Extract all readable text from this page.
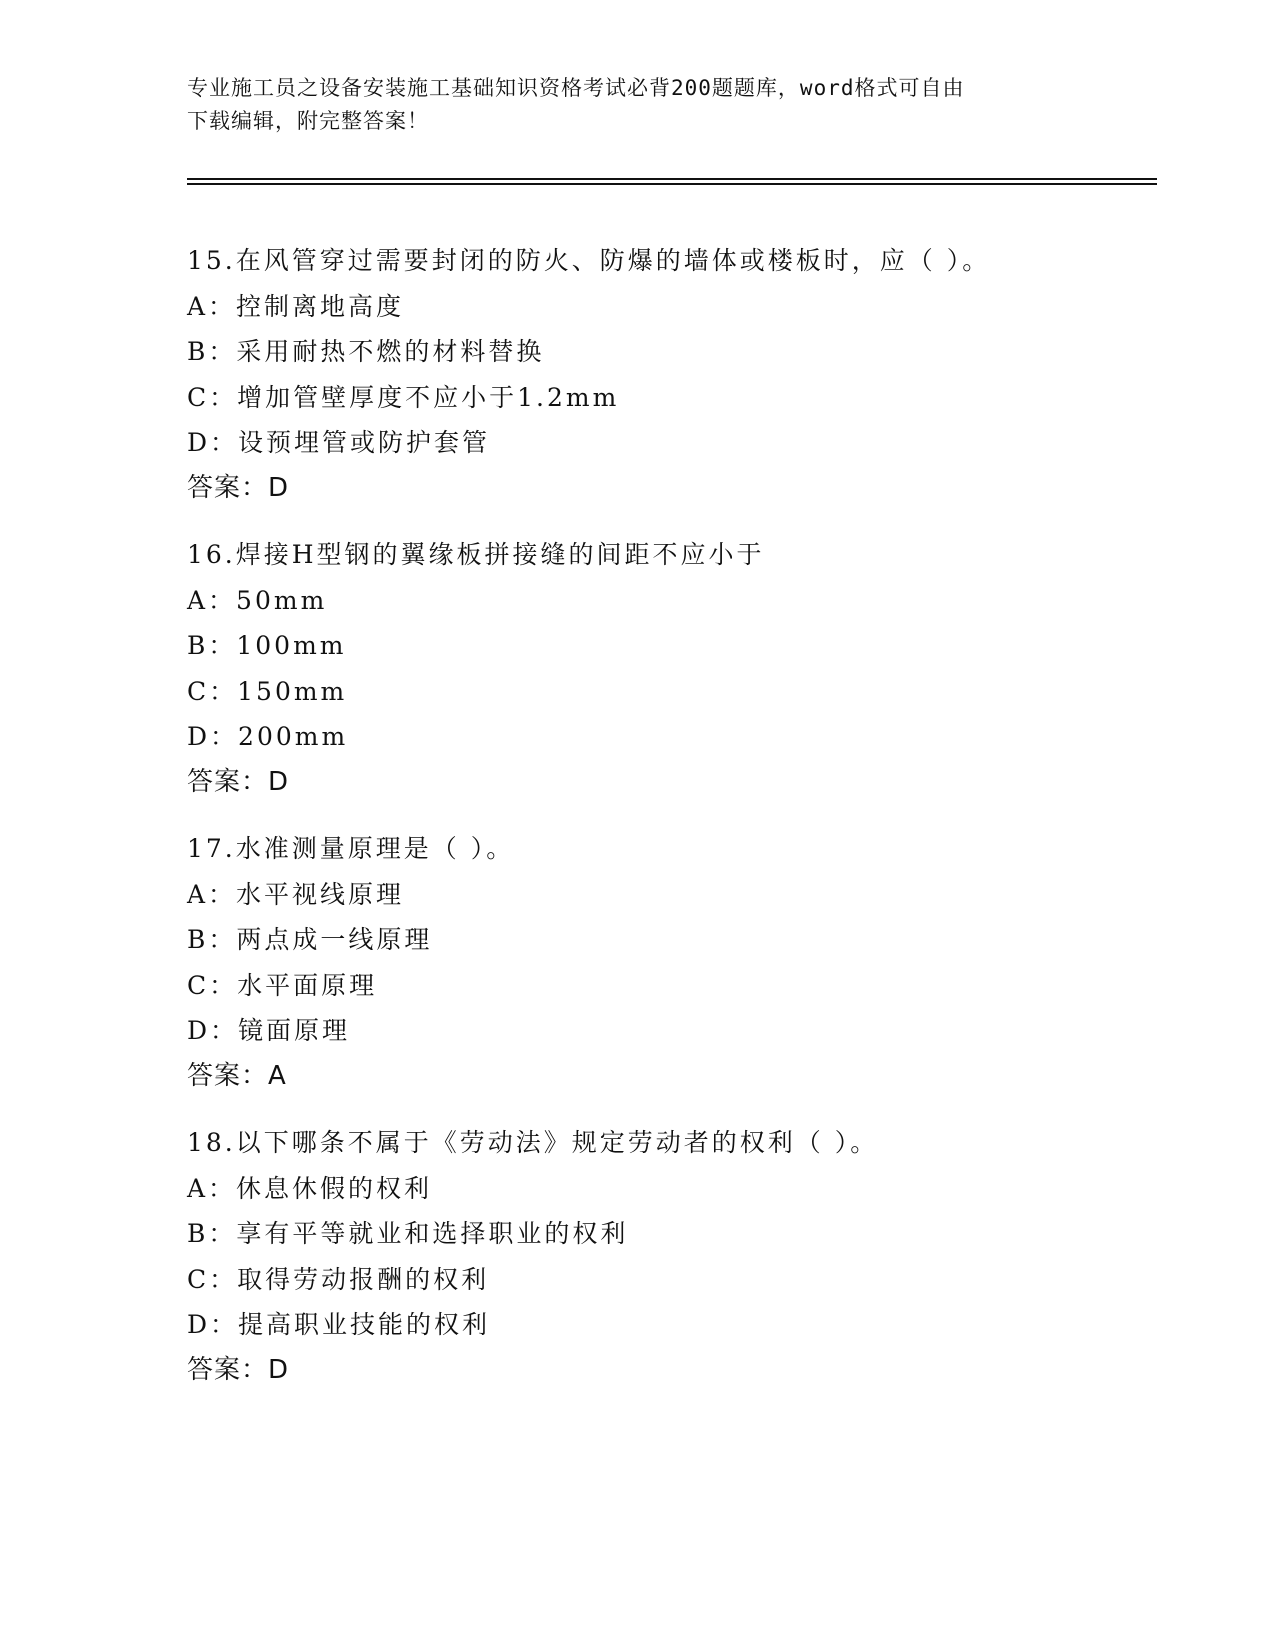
专业施工员之设备安装施工基础知识资格考试必背200题题库，word格式可自由
下载编辑，附完整答案！
15.在风管穿过需要封闭的防火、防爆的墙体或楼板时，应（ ）。
A：控制离地高度
B：采用耐热不燃的材料替换
C：增加管壁厚度不应小于1.2mm
D：设预埋管或防护套管
答案：D
16.焊接H型钢的翼缘板拼接缝的间距不应小于
A：50mm
B：100mm
C：150mm
D：200mm
答案：D
17.水准测量原理是（ ）。
A：水平视线原理
B：两点成一线原理
C：水平面原理
D：镜面原理
答案：A
18.以下哪条不属于《劳动法》规定劳动者的权利（ ）。
A：休息休假的权利
B：享有平等就业和选择职业的权利
C：取得劳动报酬的权利
D：提高职业技能的权利
答案：D
